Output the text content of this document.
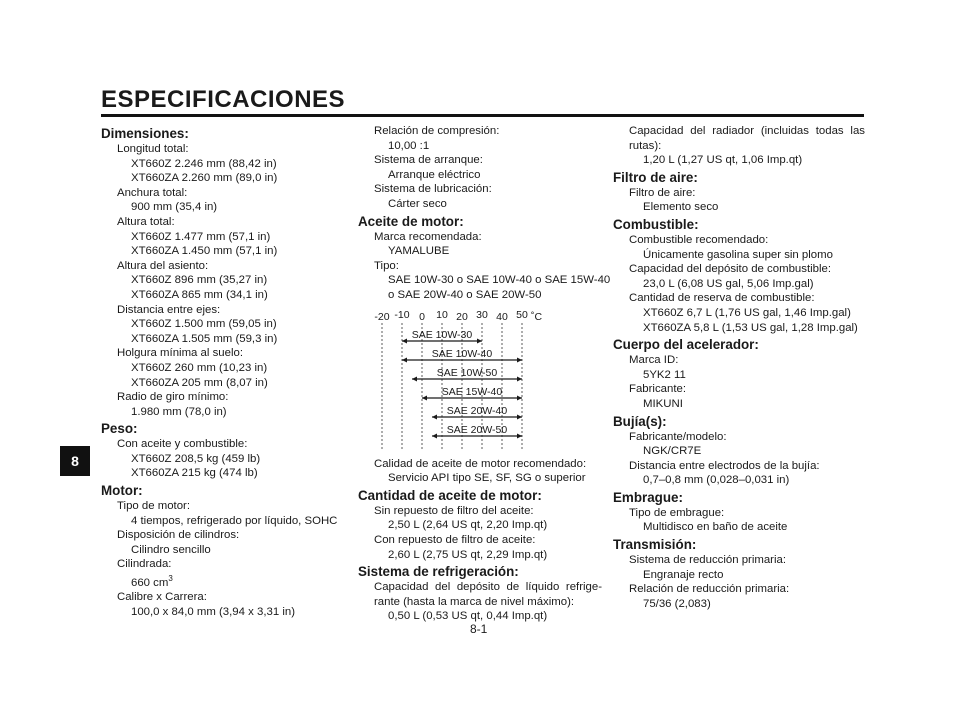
ESPECIFICACIONES
8
Dimensiones:
Longitud total:
XT660Z 2.246 mm (88,42 in)
XT660ZA 2.260 mm (89,0 in)
Anchura total:
900 mm (35,4 in)
Altura total:
XT660Z 1.477 mm (57,1 in)
XT660ZA 1.450 mm (57,1 in)
Altura del asiento:
XT660Z 896 mm (35,27 in)
XT660ZA 865 mm (34,1 in)
Distancia entre ejes:
XT660Z 1.500 mm (59,05 in)
XT660ZA 1.505 mm (59,3 in)
Holgura mínima al suelo:
XT660Z 260 mm (10,23 in)
XT660ZA 205 mm (8,07 in)
Radio de giro mínimo:
1.980 mm (78,0 in)
Peso:
Con aceite y combustible:
XT660Z 208,5 kg (459 lb)
XT660ZA 215 kg (474 lb)
Motor:
Tipo de motor:
4 tiempos, refrigerado por líquido, SOHC
Disposición de cilindros:
Cilindro sencillo
Cilindrada:
660 $cm^3$
Calibre x Carrera:
100,0 x 84,0 mm (3,94 x 3,31 in)
Relación de compresión:
10,00 :1
Sistema de arranque:
Arranque eléctrico
Sistema de lubricación:
Cárter seco
Aceite de motor:
Marca recomendada:
YAMALUBE
Tipo:
SAE 10W-30 o SAE 10W-40 o SAE 15W-40 o SAE 20W-40 o SAE 20W-50
-20 -10 0 10 20 30 40 50 ˚C
SAE 10W-30
SAE 10W-40
SAE 10W-50
SAE 15W-40
SAE 20W-40
SAE 20W-50
Calidad de aceite de motor recomendado:
Servicio API tipo SE, SF, SG o superior
Cantidad de aceite de motor:
Sin repuesto de filtro del aceite:
2,50 L (2,64 US qt, 2,20 Imp.qt)
Con repuesto de filtro de aceite:
2,60 L (2,75 US qt, 2,29 Imp.qt)
Sistema de refrigeración:
Capacidad del depósito de líquido refrige-rante (hasta la marca de nivel máximo):
0,50 L (0,53 US qt, 0,44 Imp.qt)
Capacidad del radiador (incluidas todas las rutas):
1,20 L (1,27 US qt, 1,06 Imp.qt)
Filtro de aire:
Filtro de aire:
Elemento seco
Combustible:
Combustible recomendado:
Únicamente gasolina super sin plomo
Capacidad del depósito de combustible:
23,0 L (6,08 US gal, 5,06 Imp.gal)
Cantidad de reserva de combustible:
XT660Z 6,7 L (1,76 US gal, 1,46 Imp.gal)
XT660ZA 5,8 L (1,53 US gal, 1,28 Imp.gal)
Cuerpo del acelerador:
Marca ID:
5YK2 11
Fabricante:
MIKUNI
Bujía(s):
Fabricante/modelo:
NGK/CR7E
Distancia entre electrodos de la bujía:
0,7–0,8 mm (0,028–0,031 in)
Embrague:
Tipo de embrague:
Multidisco en baño de aceite
Transmisión:
Sistema de reducción primaria:
Engranaje recto
Relación de reducción primaria:
75/36 (2,083)
8-1
